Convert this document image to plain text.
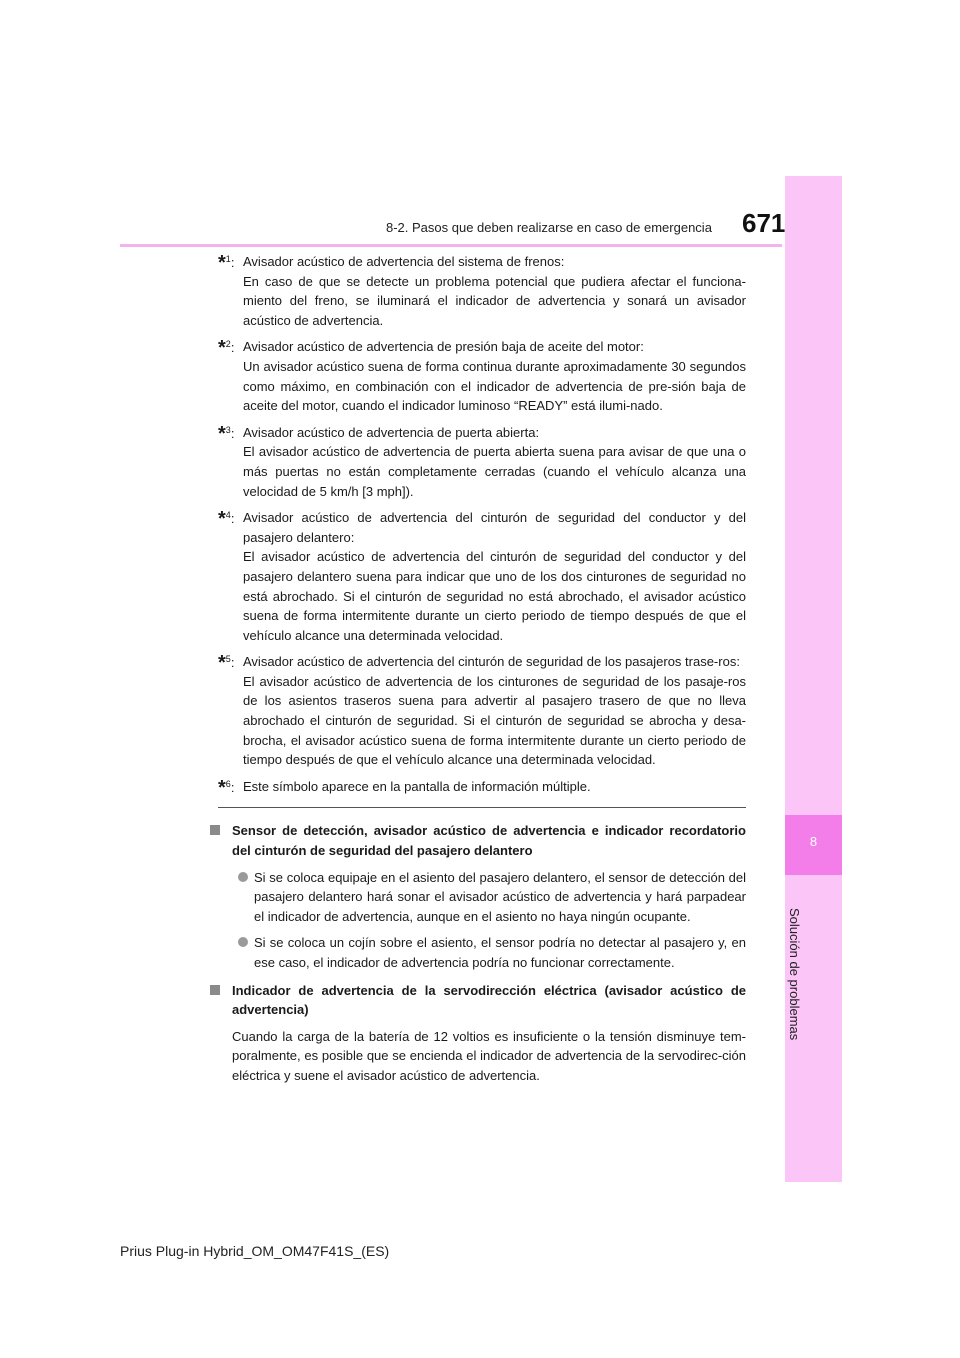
8
Solución de problemas
8-2. Pasos que deben realizarse en caso de emergencia 671
*$^1$: Avisador acústico de advertencia del sistema de frenos:
En caso de que se detecte un problema potencial que pudiera afectar el funciona-miento del freno, se iluminará el indicador de advertencia y sonará un avisador acústico de advertencia.
*$^2$: Avisador acústico de advertencia de presión baja de aceite del motor:
Un avisador acústico suena de forma continua durante aproximadamente 30 segundos como máximo, en combinación con el indicador de advertencia de pre-sión baja de aceite del motor, cuando el indicador luminoso “READY” está ilumi-nado.
*$^3$: Avisador acústico de advertencia de puerta abierta:
El avisador acústico de advertencia de puerta abierta suena para avisar de que una o más puertas no están completamente cerradas (cuando el vehículo alcanza una velocidad de 5 km/h [3 mph]).
*$^4$: Avisador acústico de advertencia del cinturón de seguridad del conductor y del pasajero delantero:
El avisador acústico de advertencia del cinturón de seguridad del conductor y del pasajero delantero suena para indicar que uno de los dos cinturones de seguridad no está abrochado. Si el cinturón de seguridad no está abrochado, el avisador acústico suena de forma intermitente durante un cierto periodo de tiempo después de que el vehículo alcance una determinada velocidad.
*$^5$: Avisador acústico de advertencia del cinturón de seguridad de los pasajeros trase-ros:
El avisador acústico de advertencia de los cinturones de seguridad de los pasaje-ros de los asientos traseros suena para advertir al pasajero trasero de que no lleva abrochado el cinturón de seguridad. Si el cinturón de seguridad se abrocha y desa-brocha, el avisador acústico suena de forma intermitente durante un cierto periodo de tiempo después de que el vehículo alcance una determinada velocidad.
*$^6$: Este símbolo aparece en la pantalla de información múltiple.
Sensor de detección, avisador acústico de advertencia e indicador recordatorio del cinturón de seguridad del pasajero delantero
Si se coloca equipaje en el asiento del pasajero delantero, el sensor de detección del pasajero delantero hará sonar el avisador acústico de advertencia y hará parpadear el indicador de advertencia, aunque en el asiento no haya ningún ocupante.
Si se coloca un cojín sobre el asiento, el sensor podría no detectar al pasajero y, en ese caso, el indicador de advertencia podría no funcionar correctamente.
Indicador de advertencia de la servodirección eléctrica (avisador acústico de advertencia)
Cuando la carga de la batería de 12 voltios es insuficiente o la tensión disminuye tem-poralmente, es posible que se encienda el indicador de advertencia de la servodirec-ción eléctrica y suene el avisador acústico de advertencia.
Prius Plug-in Hybrid_OM_OM47F41S_(ES)
